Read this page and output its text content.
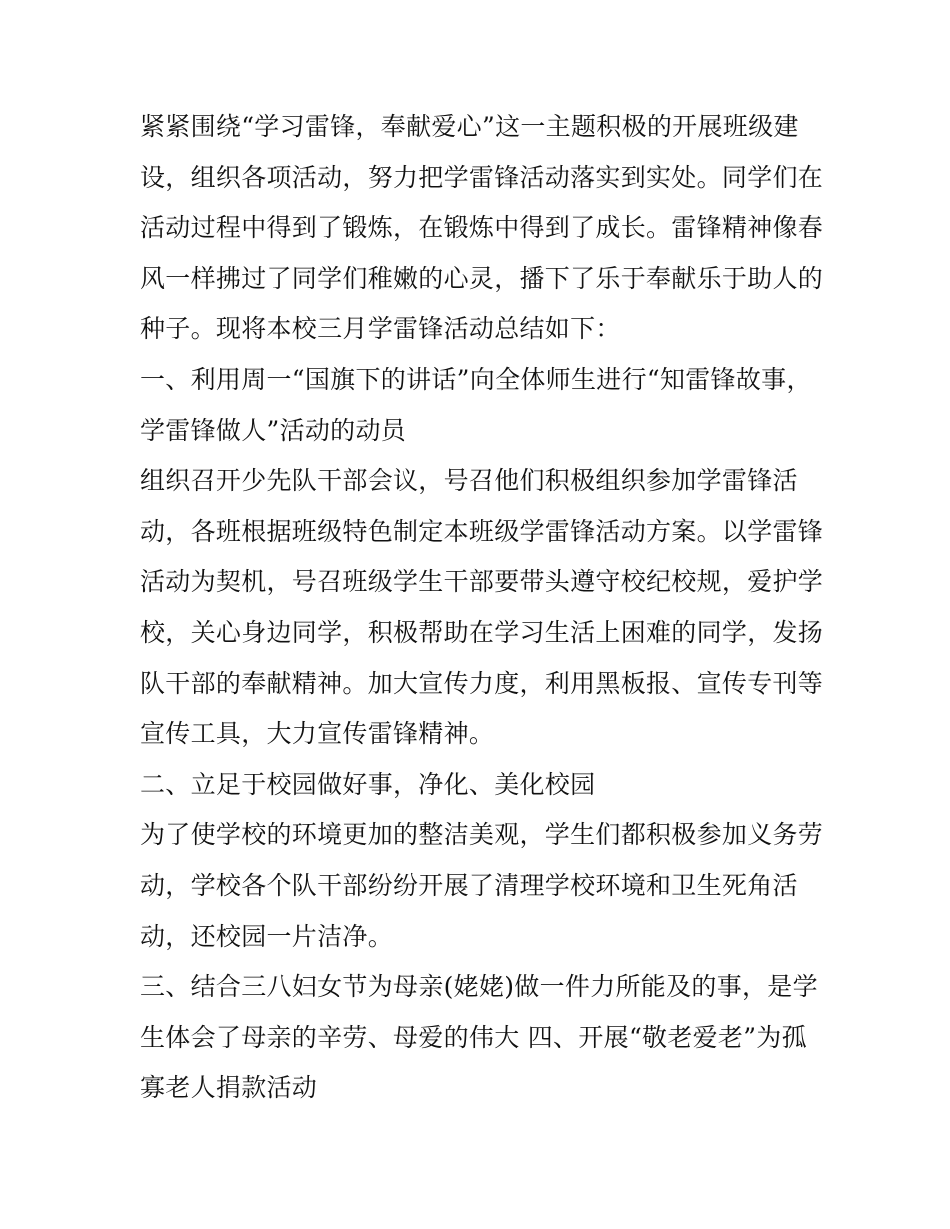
紧紧围绕“学习雷锋，奉献爱心”这一主题积极的开展班级建
设，组织各项活动，努力把学雷锋活动落实到实处。同学们在
活动过程中得到了锻炼，在锻炼中得到了成长。雷锋精神像春
风一样拂过了同学们稚嫩的心灵，播下了乐于奉献乐于助人的
种子。现将本校三月学雷锋活动总结如下：
一、利用周一“国旗下的讲话”向全体师生进行“知雷锋故事，
学雷锋做人”活动的动员
组织召开少先队干部会议，号召他们积极组织参加学雷锋活
动，各班根据班级特色制定本班级学雷锋活动方案。以学雷锋
活动为契机，号召班级学生干部要带头遵守校纪校规，爱护学
校，关心身边同学，积极帮助在学习生活上困难的同学，发扬
队干部的奉献精神。加大宣传力度，利用黑板报、宣传专刊等
宣传工具，大力宣传雷锋精神。
二、立足于校园做好事，净化、美化校园
为了使学校的环境更加的整洁美观，学生们都积极参加义务劳
动，学校各个队干部纷纷开展了清理学校环境和卫生死角活
动，还校园一片洁净。
三、结合三八妇女节为母亲(姥姥)做一件力所能及的事，是学
生体会了母亲的辛劳、母爱的伟大 四、开展“敬老爱老”为孤
寡老人捐款活动
